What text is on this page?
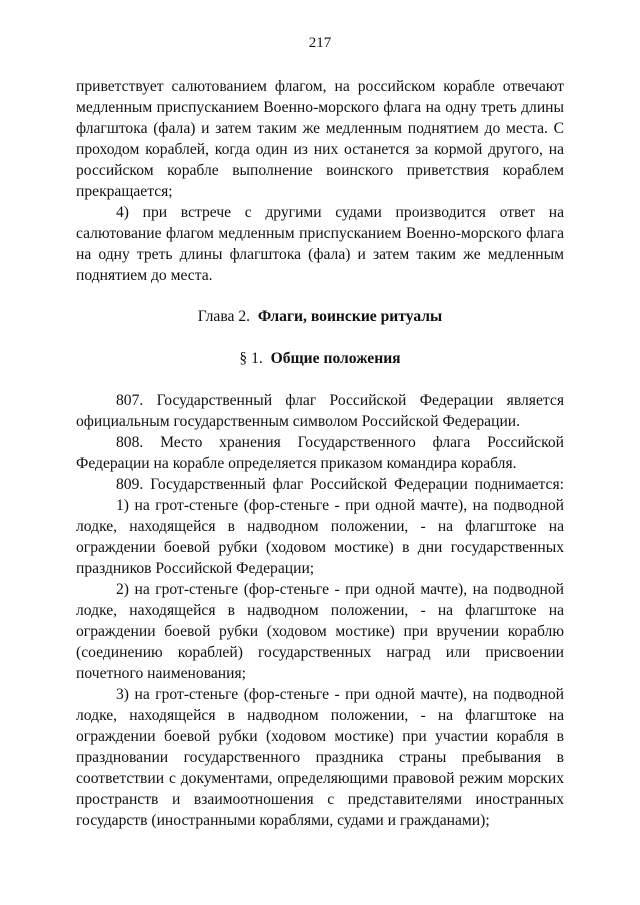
217

приветствует салютованием флагом, на российском корабле отвечают медленным приспусканием Военно-морского флага на одну треть длины флагштока (фала) и затем таким же медленным поднятием до места. С проходом кораблей, когда один из них останется за кормой другого, на российском корабле выполнение воинского приветствия кораблем прекращается;

4) при встрече с другими судами производится ответ на салютование флагом медленным приспусканием Военно-морского флага на одну треть длины флагштока (фала) и затем таким же медленным поднятием до места.

Глава 2. Флаги, воинские ритуалы

§ 1. Общие положения

807. Государственный флаг Российской Федерации является официальным государственным символом Российской Федерации.

808. Место хранения Государственного флага Российской Федерации на корабле определяется приказом командира корабля.

809. Государственный флаг Российской Федерации поднимается:

1) на грот-стеньге (фор-стеньге - при одной мачте), на подводной лодке, находящейся в надводном положении, - на флагштоке на ограждении боевой рубки (ходовом мостике) в дни государственных праздников Российской Федерации;

2) на грот-стеньге (фор-стеньге - при одной мачте), на подводной лодке, находящейся в надводном положении, - на флагштоке на ограждении боевой рубки (ходовом мостике) при вручении кораблю (соединению кораблей) государственных наград или присвоении почетного наименования;

3) на грот-стеньге (фор-стеньге - при одной мачте), на подводной лодке, находящейся в надводном положении, - на флагштоке на ограждении боевой рубки (ходовом мостике) при участии корабля в праздновании государственного праздника страны пребывания в соответствии с документами, определяющими правовой режим морских пространств и взаимоотношения с представителями иностранных государств (иностранными кораблями, судами и гражданами);
